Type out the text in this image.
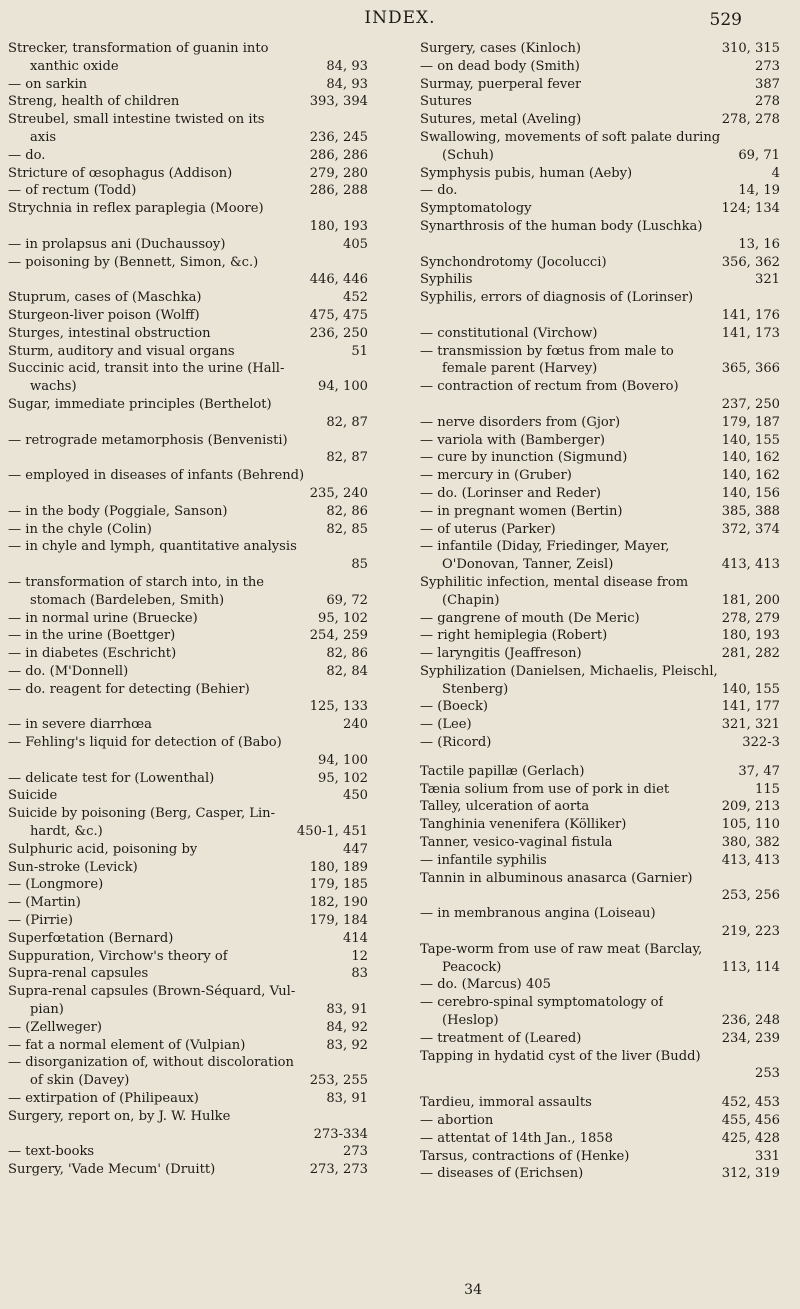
INDEX.	529
Strecker, transformation of guanin into
xanthic oxide	84, 93
— on sarkin	84, 93
Streng, health of children	393, 394
Streubel, small intestine twisted on its
axis	236, 245
— do.	286, 286
Stricture of œsophagus (Addison)	279, 280
— of rectum (Todd)	286, 288
Strychnia in reflex paraplegia (Moore)
180, 193
— in prolapsus ani (Duchaussoy)	405
— poisoning by (Bennett, Simon, &c.)
446, 446
Stuprum, cases of (Maschka)	452
Sturgeon-liver poison (Wolff)	475, 475
Sturges, intestinal obstruction	236, 250
Sturm, auditory and visual organs	51
Succinic acid, transit into the urine (Hall-
wachs)	94, 100
Sugar, immediate principles (Berthelot)
82, 87
— retrograde metamorphosis (Benvenisti)
82, 87
— employed in diseases of infants (Behrend)
235, 240
— in the body (Poggiale, Sanson)	82, 86
— in the chyle (Colin)	82, 85
— in chyle and lymph, quantitative analysis
85
— transformation of starch into, in the
stomach (Bardeleben, Smith)	69, 72
— in normal urine (Bruecke)	95, 102
— in the urine (Boettger)	254, 259
— in diabetes (Eschricht)	82, 86
— do. (M'Donnell)	82, 84
— do. reagent for detecting (Behier)
125, 133
— in severe diarrhœa	240
— Fehling's liquid for detection of (Babo)
94, 100
— delicate test for (Lowenthal)	95, 102
Suicide	450
Suicide by poisoning (Berg, Casper, Lin-
hardt, &c.)	450-1, 451
Sulphuric acid, poisoning by	447
Sun-stroke (Levick)	180, 189
— (Longmore)	179, 185
— (Martin)	182, 190
— (Pirrie)	179, 184
Superfœtation (Bernard)	414
Suppuration, Virchow's theory of	12
Supra-renal capsules	83
Supra-renal capsules (Brown-Séquard, Vul-
pian)	83, 91
— (Zellweger)	84, 92
— fat a normal element of (Vulpian)	83, 92
— disorganization of, without discoloration
of skin (Davey)	253, 255
— extirpation of (Philipeaux)	83, 91
Surgery, report on, by J. W. Hulke
273-334
— text-books	273
Surgery, 'Vade Mecum' (Druitt)	273, 273
Surgery, cases (Kinloch)	310, 315
— on dead body (Smith)	273
Surmay, puerperal fever	387
Sutures	278
Sutures, metal (Aveling)	278, 278
Swallowing, movements of soft palate during
(Schuh)	69, 71
Symphysis pubis, human (Aeby)	4
— do.	14, 19
Symptomatology	124; 134
Synarthrosis of the human body (Luschka)
13, 16
Synchondrotomy (Jocolucci)	356, 362
Syphilis	321
Syphilis, errors of diagnosis of (Lorinser)
141, 176
— constitutional (Virchow)	141, 173
— transmission by fœtus from male to
female parent (Harvey)	365, 366
— contraction of rectum from (Bovero)
237, 250
— nerve disorders from (Gjor)	179, 187
— variola with (Bamberger)	140, 155
— cure by inunction (Sigmund)	140, 162
— mercury in (Gruber)	140, 162
— do. (Lorinser and Reder)	140, 156
— in pregnant women (Bertin)	385, 388
— of uterus (Parker)	372, 374
— infantile (Diday, Friedinger, Mayer,
O'Donovan, Tanner, Zeisl)	413, 413
Syphilitic infection, mental disease from
(Chapin)	181, 200
— gangrene of mouth (De Meric)	278, 279
— right hemiplegia (Robert)	180, 193
— laryngitis (Jeaffreson)	281, 282
Syphilization (Danielsen, Michaelis, Pleischl,
Stenberg)	140, 155
— (Boeck)	141, 177
— (Lee)	321, 321
— (Ricord)	322-3
Tactile papillæ (Gerlach)	37, 47
Tænia solium from use of pork in diet	115
Talley, ulceration of aorta	209, 213
Tanghinia venenifera (Kölliker)	105, 110
Tanner, vesico-vaginal fistula	380, 382
— infantile syphilis	413, 413
Tannin in albuminous anasarca (Garnier)
253, 256
— in membranous angina (Loiseau)
219, 223
Tape-worm from use of raw meat (Barclay,
Peacock)	113, 114
— do. (Marcus) 405
— cerebro-spinal symptomatology of
(Heslop)	236, 248
— treatment of (Leared)	234, 239
Tapping in hydatid cyst of the liver (Budd)
253
Tardieu, immoral assaults	452, 453
— abortion	455, 456
— attentat of 14th Jan., 1858	425, 428
Tarsus, contractions of (Henke)	331
— diseases of (Erichsen)	312, 319
34
